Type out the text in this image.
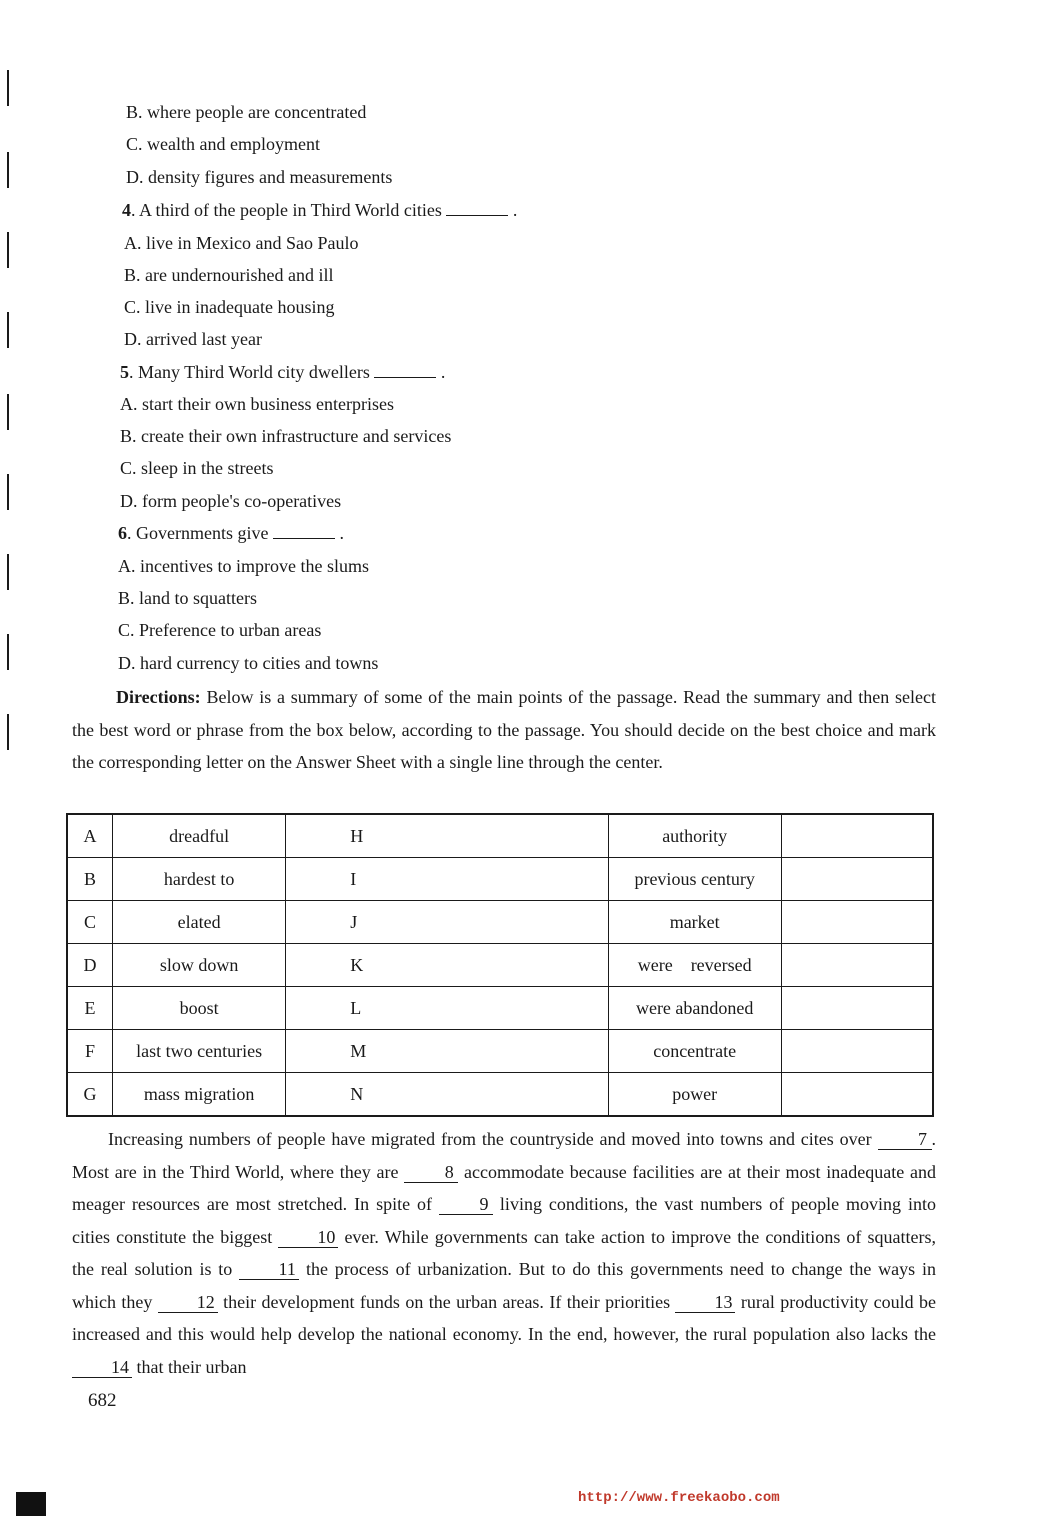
B. where people are concentrated
C. wealth and employment
D. density figures and measurements
4. A third of the people in Third World cities	.
A. live in Mexico and Sao Paulo
B. are undernourished and ill
C. live in inadequate housing
D. arrived last year
5. Many Third World city dwellers	.
A. start their own business enterprises
B. create their own infrastructure and services
C. sleep in the streets
D. form people's co-operatives
6. Governments give	.
A. incentives to improve the slums
B. land to squatters
C. Preference to urban areas
D. hard currency to cities and towns

Directions: Below is a summary of some of the main points of the passage. Read the summary and then select the best word or phrase from the box below, according to the passage. You should decide on the best choice and mark the corresponding letter on the Answer Sheet with a single line through the center.

A	dreadful	H	authority	
B	hardest to	I	previous century	
C	elated	J	market	
D	slow down	K	were    reversed	
E	boost	L	were abandoned	
F	last two centuries	M	concentrate	
G	mass migration	N	power	

Increasing numbers of people have migrated from the countryside and moved into towns and cites over 7 . Most are in the Third World, where they are 8 accommodate because facilities are at their most inadequate and meager resources are most stretched. In spite of 9 living conditions, the vast numbers of people moving into cities constitute the biggest 10 ever. While governments can take action to improve the conditions of squatters, the real solution is to 11 the process of urbanization. But to do this governments need to change the ways in which they 12 their development funds on the urban areas. If their priorities 13 rural productivity could be increased and this would help develop the national economy. In the end, however, the rural population also lacks the 14 that their urban

682
http://www.freekaobo.com
